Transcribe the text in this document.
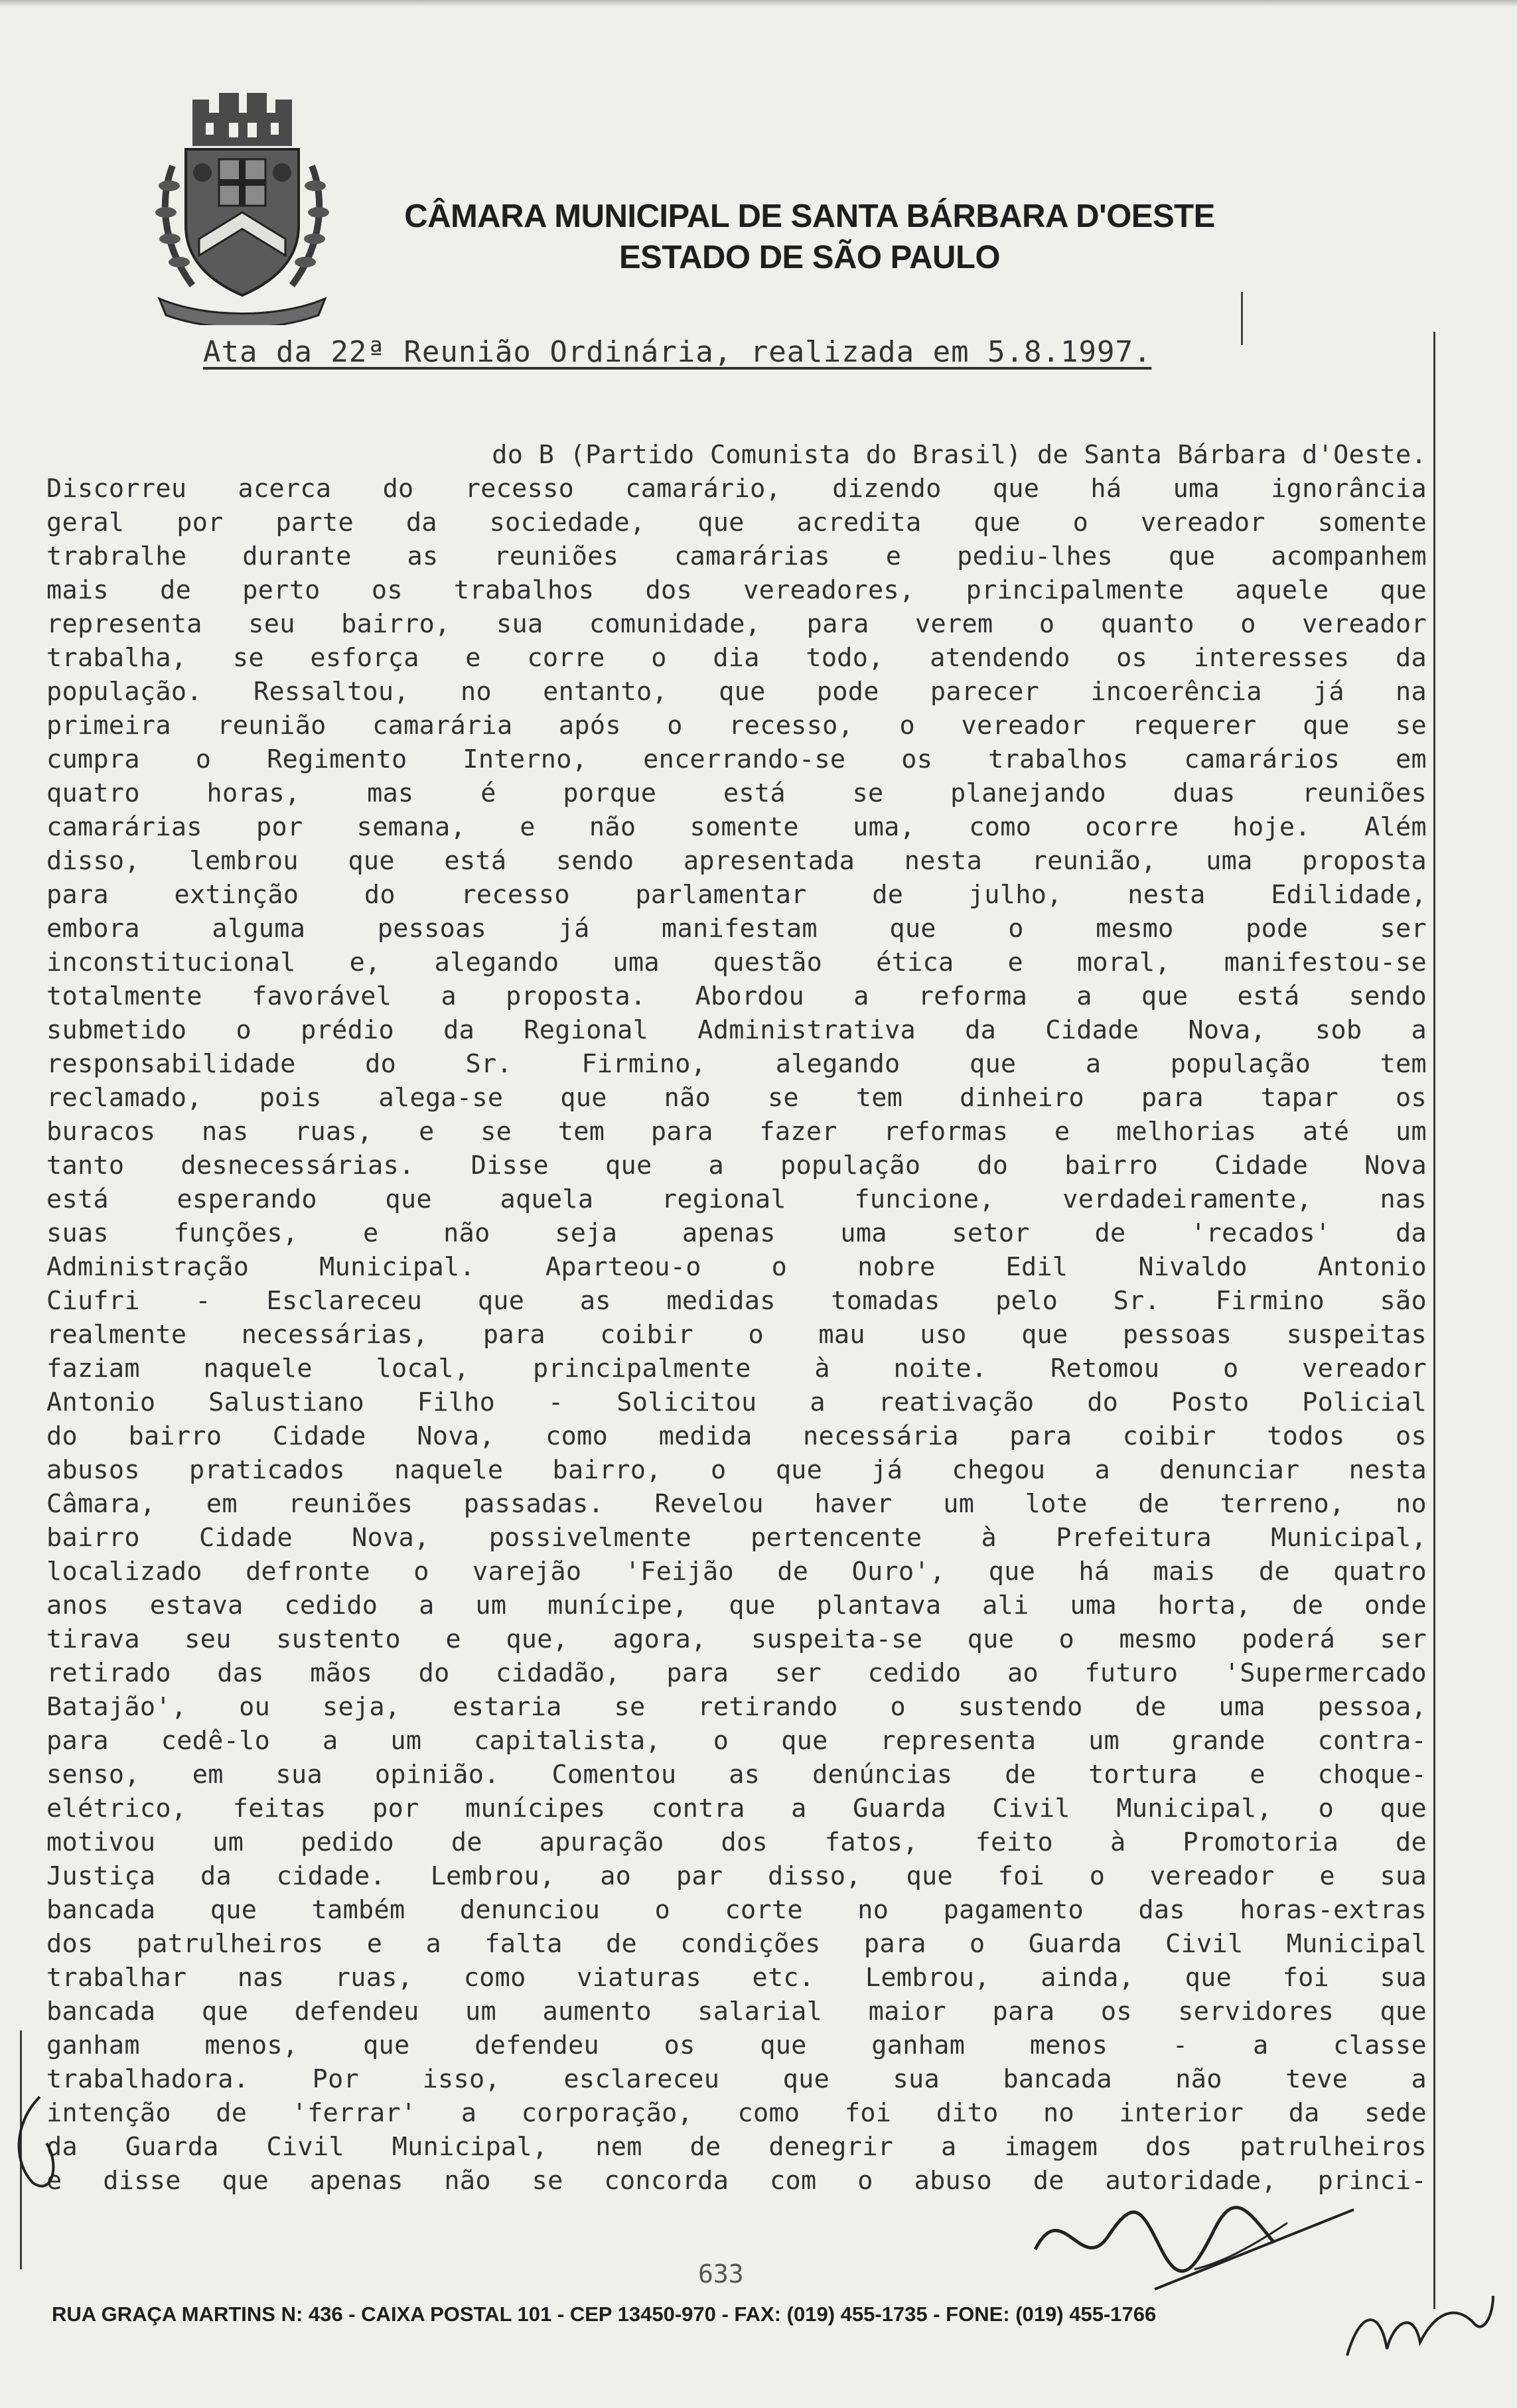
CÂMARA MUNICIPAL DE SANTA BÁRBARA D'OESTE
ESTADO DE SÃO PAULO
Ata da 22ª Reunião Ordinária, realizada em 5.8.1997.
do B (Partido Comunista do Brasil) de Santa Bárbara d'Oeste.
Discorreu acerca do recesso camarário, dizendo que há uma ignorância
geral por parte da sociedade, que acredita que o vereador somente
trabralhe durante as reuniões camarárias e pediu-lhes que acompanhem
mais de perto os trabalhos dos vereadores, principalmente aquele que
representa seu bairro, sua comunidade, para verem o quanto o vereador
trabalha, se esforça e corre o dia todo, atendendo os interesses da
população. Ressaltou, no entanto, que pode parecer incoerência já na
primeira reunião camarária após o recesso, o vereador requerer que se
cumpra o Regimento Interno, encerrando-se os trabalhos camarários em
quatro horas, mas é porque está se planejando duas reuniões
camarárias por semana, e não somente uma, como ocorre hoje. Além
disso, lembrou que está sendo apresentada nesta reunião, uma proposta
para extinção do recesso parlamentar de julho, nesta Edilidade,
embora alguma pessoas já manifestam que o mesmo pode ser
inconstitucional e, alegando uma questão ética e moral, manifestou-se
totalmente favorável a proposta. Abordou a reforma a que está sendo
submetido o prédio da Regional Administrativa da Cidade Nova, sob a
responsabilidade do Sr. Firmino, alegando que a população tem
reclamado, pois alega-se que não se tem dinheiro para tapar os
buracos nas ruas, e se tem para fazer reformas e melhorias até um
tanto desnecessárias. Disse que a população do bairro Cidade Nova
está esperando que aquela regional funcione, verdadeiramente, nas
suas funções, e não seja apenas uma setor de 'recados' da
Administração Municipal. Aparteou-o o nobre Edil Nivaldo Antonio
Ciufri - Esclareceu que as medidas tomadas pelo Sr. Firmino são
realmente necessárias, para coibir o mau uso que pessoas suspeitas
faziam naquele local, principalmente à noite. Retomou o vereador
Antonio Salustiano Filho - Solicitou a reativação do Posto Policial
do bairro Cidade Nova, como medida necessária para coibir todos os
abusos praticados naquele bairro, o que já chegou a denunciar nesta
Câmara, em reuniões passadas. Revelou haver um lote de terreno, no
bairro Cidade Nova, possivelmente pertencente à Prefeitura Municipal,
localizado defronte o varejão 'Feijão de Ouro', que há mais de quatro
anos estava cedido a um munícipe, que plantava ali uma horta, de onde
tirava seu sustento e que, agora, suspeita-se que o mesmo poderá ser
retirado das mãos do cidadão, para ser cedido ao futuro 'Supermercado
Batajão', ou seja, estaria se retirando o sustendo de uma pessoa,
para cedê-lo a um capitalista, o que representa um grande contra-
senso, em sua opinião. Comentou as denúncias de tortura e choque-
elétrico, feitas por munícipes contra a Guarda Civil Municipal, o que
motivou um pedido de apuração dos fatos, feito à Promotoria de
Justiça da cidade. Lembrou, ao par disso, que foi o vereador e sua
bancada que também denunciou o corte no pagamento das horas-extras
dos patrulheiros e a falta de condições para o Guarda Civil Municipal
trabalhar nas ruas, como viaturas etc. Lembrou, ainda, que foi sua
bancada que defendeu um aumento salarial maior para os servidores que
ganham menos, que defendeu os que ganham menos - a classe
trabalhadora. Por isso, esclareceu que sua bancada não teve a
intenção de 'ferrar' a corporação, como foi dito no interior da sede
da Guarda Civil Municipal, nem de denegrir a imagem dos patrulheiros
e disse que apenas não se concorda com o abuso de autoridade, princi-
633
RUA GRAÇA MARTINS N: 436 - CAIXA POSTAL 101 - CEP 13450-970 - FAX: (019) 455-1735 - FONE: (019) 455-1766
